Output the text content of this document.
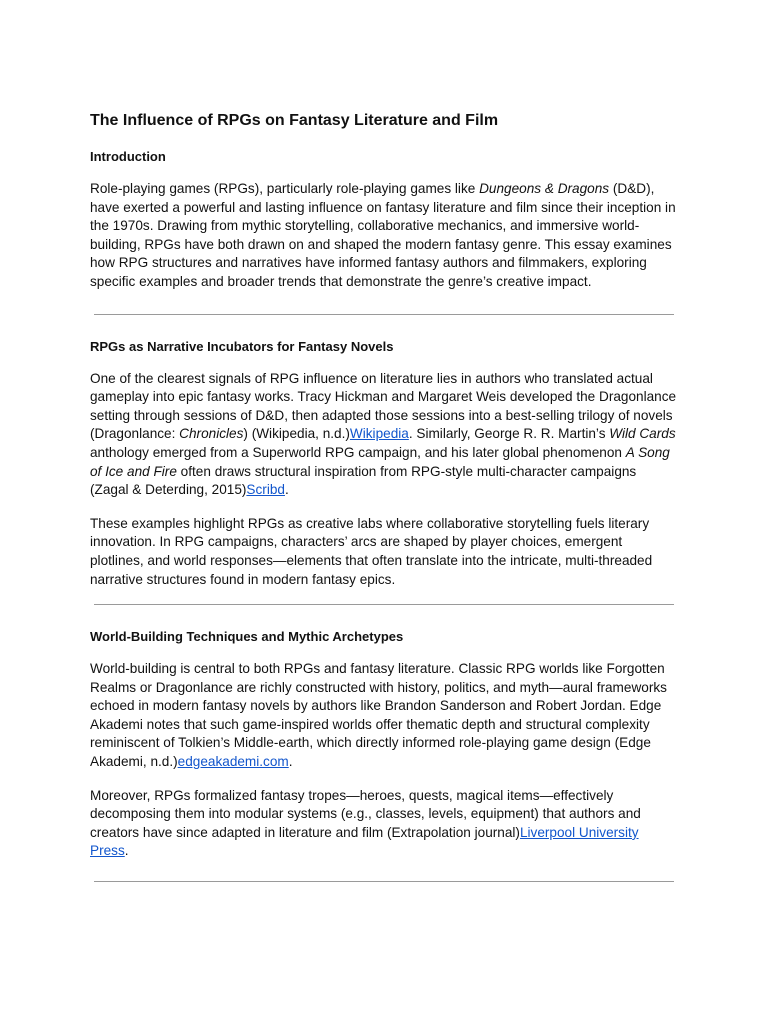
The Influence of RPGs on Fantasy Literature and Film
Introduction

Role-playing games (RPGs), particularly role-playing games like Dungeons & Dragons (D&D), have exerted a powerful and lasting influence on fantasy literature and film since their inception in the 1970s. Drawing from mythic storytelling, collaborative mechanics, and immersive world-building, RPGs have both drawn on and shaped the modern fantasy genre. This essay examines how RPG structures and narratives have informed fantasy authors and filmmakers, exploring specific examples and broader trends that demonstrate the genre’s creative impact.

RPGs as Narrative Incubators for Fantasy Novels

One of the clearest signals of RPG influence on literature lies in authors who translated actual gameplay into epic fantasy works. Tracy Hickman and Margaret Weis developed the Dragonlance setting through sessions of D&D, then adapted those sessions into a best-selling trilogy of novels (Dragonlance: Chronicles) (Wikipedia, n.d.)Wikipedia. Similarly, George R. R. Martin’s Wild Cards anthology emerged from a Superworld RPG campaign, and his later global phenomenon A Song of Ice and Fire often draws structural inspiration from RPG-style multi-character campaigns (Zagal & Deterding, 2015)Scribd.

These examples highlight RPGs as creative labs where collaborative storytelling fuels literary innovation. In RPG campaigns, characters’ arcs are shaped by player choices, emergent plotlines, and world responses—elements that often translate into the intricate, multi-threaded narrative structures found in modern fantasy epics.

World-Building Techniques and Mythic Archetypes

World-building is central to both RPGs and fantasy literature. Classic RPG worlds like Forgotten Realms or Dragonlance are richly constructed with history, politics, and myth—aural frameworks echoed in modern fantasy novels by authors like Brandon Sanderson and Robert Jordan. Edge Akademi notes that such game-inspired worlds offer thematic depth and structural complexity reminiscent of Tolkien’s Middle-earth, which directly informed role-playing game design (Edge Akademi, n.d.)edgeakademi.com.

Moreover, RPGs formalized fantasy tropes—heroes, quests, magical items—effectively decomposing them into modular systems (e.g., classes, levels, equipment) that authors and creators have since adapted in literature and film (Extrapolation journal)Liverpool University Press.
